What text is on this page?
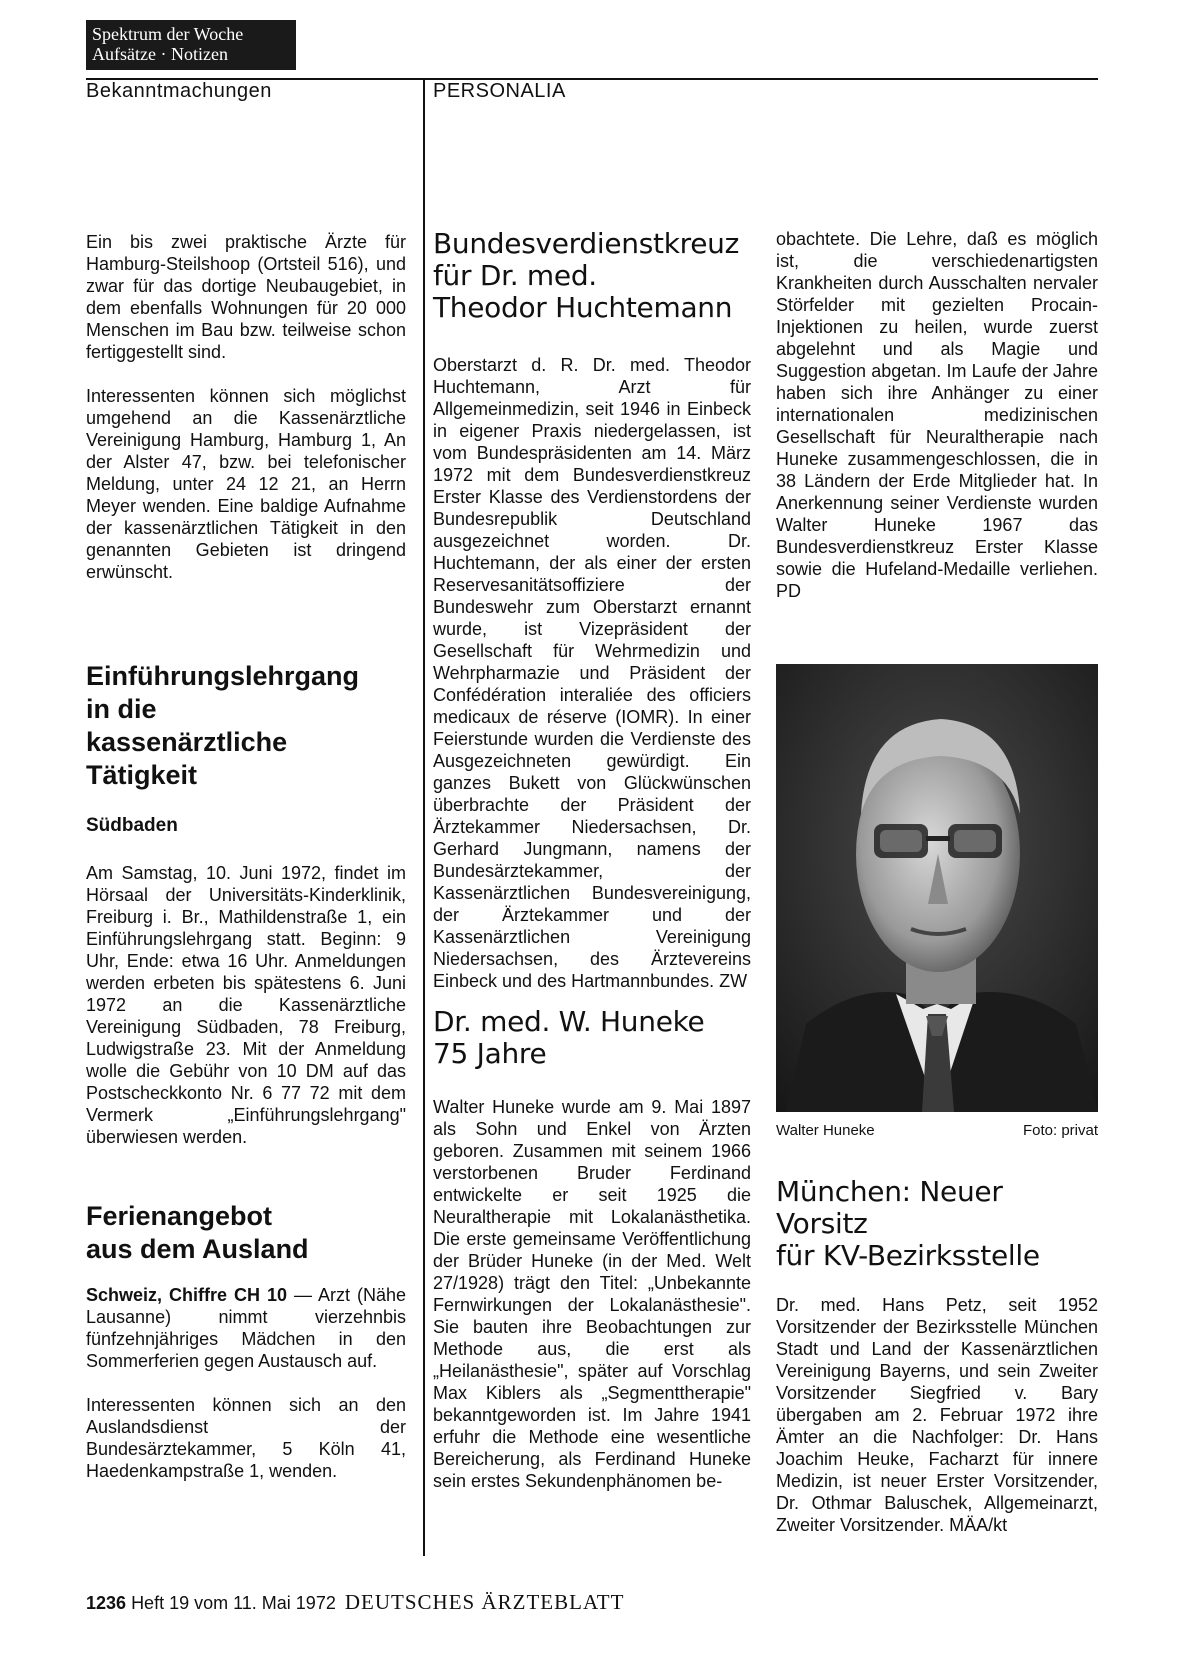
Spektrum der Woche
Aufsätze · Notizen
Bekanntmachungen	PERSONALIA

Ein bis zwei praktische Ärzte für Hamburg-Steilshoop (Ortsteil 516), und zwar für das dortige Neubaugebiet, in dem ebenfalls Wohnungen für 20 000 Menschen im Bau bzw. teilweise schon fertiggestellt sind.

Interessenten können sich möglichst umgehend an die Kassenärztliche Vereinigung Hamburg, Hamburg 1, An der Alster 47, bzw. bei telefonischer Meldung, unter 24 12 21, an Herrn Meyer wenden. Eine baldige Aufnahme der kassenärztlichen Tätigkeit in den genannten Gebieten ist dringend erwünscht.

Einführungslehrgang
in die
kassenärztliche
Tätigkeit
Südbaden

Am Samstag, 10. Juni 1972, findet im Hörsaal der Universitäts-Kinderklinik, Freiburg i. Br., Mathildenstraße 1, ein Einführungslehrgang statt. Beginn: 9 Uhr, Ende: etwa 16 Uhr. Anmeldungen werden erbeten bis spätestens 6. Juni 1972 an die Kassenärztliche Vereinigung Südbaden, 78 Freiburg, Ludwigstraße 23. Mit der Anmeldung wolle die Gebühr von 10 DM auf das Postscheckkonto Nr. 6 77 72 mit dem Vermerk „Einführungslehrgang" überwiesen werden.

Ferienangebot
aus dem Ausland

Schweiz, Chiffre CH 10 — Arzt (Nähe Lausanne) nimmt vierzehnbis fünfzehnjähriges Mädchen in den Sommerferien gegen Austausch auf.

Interessenten können sich an den Auslandsdienst der Bundesärztekammer, 5 Köln 41, Haedenkampstraße 1, wenden.

Bundesverdienstkreuz
für Dr. med.
Theodor Huchtemann

Oberstarzt d. R. Dr. med. Theodor Huchtemann, Arzt für Allgemeinmedizin, seit 1946 in Einbeck in eigener Praxis niedergelassen, ist vom Bundespräsidenten am 14. März 1972 mit dem Bundesverdienstkreuz Erster Klasse des Verdienstordens der Bundesrepublik Deutschland ausgezeichnet worden. Dr. Huchtemann, der als einer der ersten Reservesanitätsoffiziere der Bundeswehr zum Oberstarzt ernannt wurde, ist Vizepräsident der Gesellschaft für Wehrmedizin und Wehrpharmazie und Präsident der Confédération interaliée des officiers medicaux de réserve (IOMR). In einer Feierstunde wurden die Verdienste des Ausgezeichneten gewürdigt. Ein ganzes Bukett von Glückwünschen überbrachte der Präsident der Ärztekammer Niedersachsen, Dr. Gerhard Jungmann, namens der Bundesärztekammer, der Kassenärztlichen Bundesvereinigung, der Ärztekammer und der Kassenärztlichen Vereinigung Niedersachsen, des Ärztevereins Einbeck und des Hartmannbundes. ZW

Dr. med. W. Huneke
75 Jahre

Walter Huneke wurde am 9. Mai 1897 als Sohn und Enkel von Ärzten geboren. Zusammen mit seinem 1966 verstorbenen Bruder Ferdinand entwickelte er seit 1925 die Neuraltherapie mit Lokalanästhetika. Die erste gemeinsame Veröffentlichung der Brüder Huneke (in der Med. Welt 27/1928) trägt den Titel: „Unbekannte Fernwirkungen der Lokalanästhesie". Sie bauten ihre Beobachtungen zur Methode aus, die erst als „Heilanästhesie", später auf Vorschlag Max Kiblers als „Segmenttherapie" bekanntgeworden ist. Im Jahre 1941 erfuhr die Methode eine wesentliche Bereicherung, als Ferdinand Huneke sein erstes Sekundenphänomen be-

obachtete. Die Lehre, daß es möglich ist, die verschiedenartigsten Krankheiten durch Ausschalten nervaler Störfelder mit gezielten Procain-Injektionen zu heilen, wurde zuerst abgelehnt und als Magie und Suggestion abgetan. Im Laufe der Jahre haben sich ihre Anhänger zu einer internationalen medizinischen Gesellschaft für Neuraltherapie nach Huneke zusammengeschlossen, die in 38 Ländern der Erde Mitglieder hat. In Anerkennung seiner Verdienste wurden Walter Huneke 1967 das Bundesverdienstkreuz Erster Klasse sowie die Hufeland-Medaille verliehen. PD

Walter Huneke	Foto: privat
München: Neuer Vorsitz
für KV-Bezirksstelle

Dr. med. Hans Petz, seit 1952 Vorsitzender der Bezirksstelle München Stadt und Land der Kassenärztlichen Vereinigung Bayerns, und sein Zweiter Vorsitzender Siegfried v. Bary übergaben am 2. Februar 1972 ihre Ämter an die Nachfolger: Dr. Hans Joachim Heuke, Facharzt für innere Medizin, ist neuer Erster Vorsitzender, Dr. Othmar Baluschek, Allgemeinarzt, Zweiter Vorsitzender. MÄA/kt

1236 Heft 19 vom 11. Mai 1972 DEUTSCHES ÄRZTEBLATT
